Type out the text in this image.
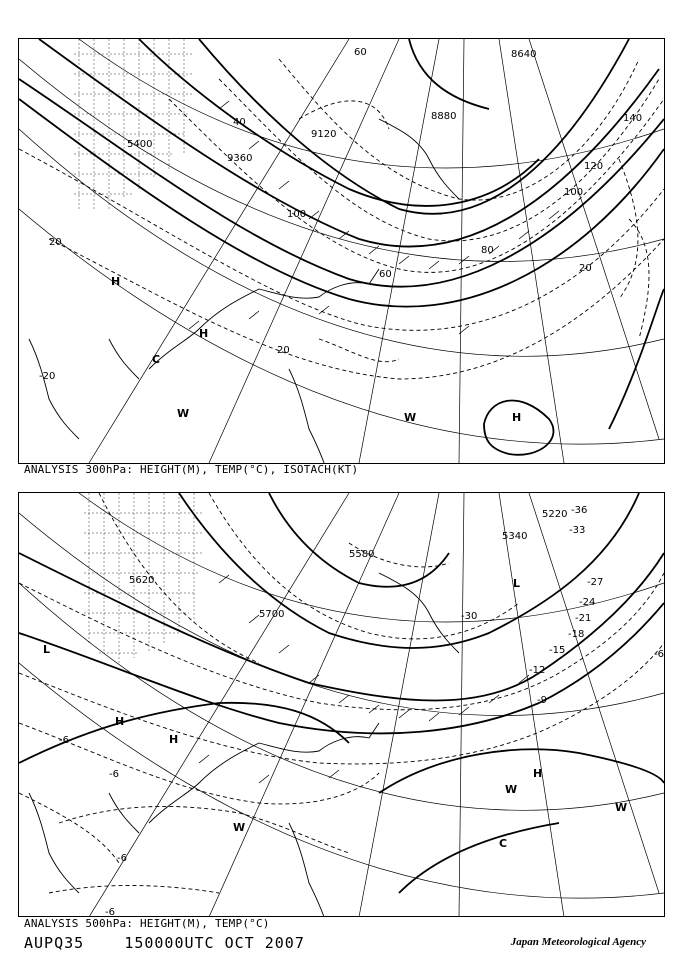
5400
9120
9360
8880
8640
20
20
20
40
60
60
80
100
100
120
140
-20
H
H
H
C
W	W
ANALYSIS 300hPa: HEIGHT(M), TEMP(°C), ISOTACH(KT)
5620
5580
5700
5340
5220
-30
-36
-33
-27
-24
-21
-18
-15
-12
-9
-6
-6
-6
-6
-6
H
H
H
W
W
W
C
L
L
ANALYSIS 500hPa: HEIGHT(M), TEMP(°C)
AUPQ35	150000UTC OCT 2007	Japan Meteorological Agency
